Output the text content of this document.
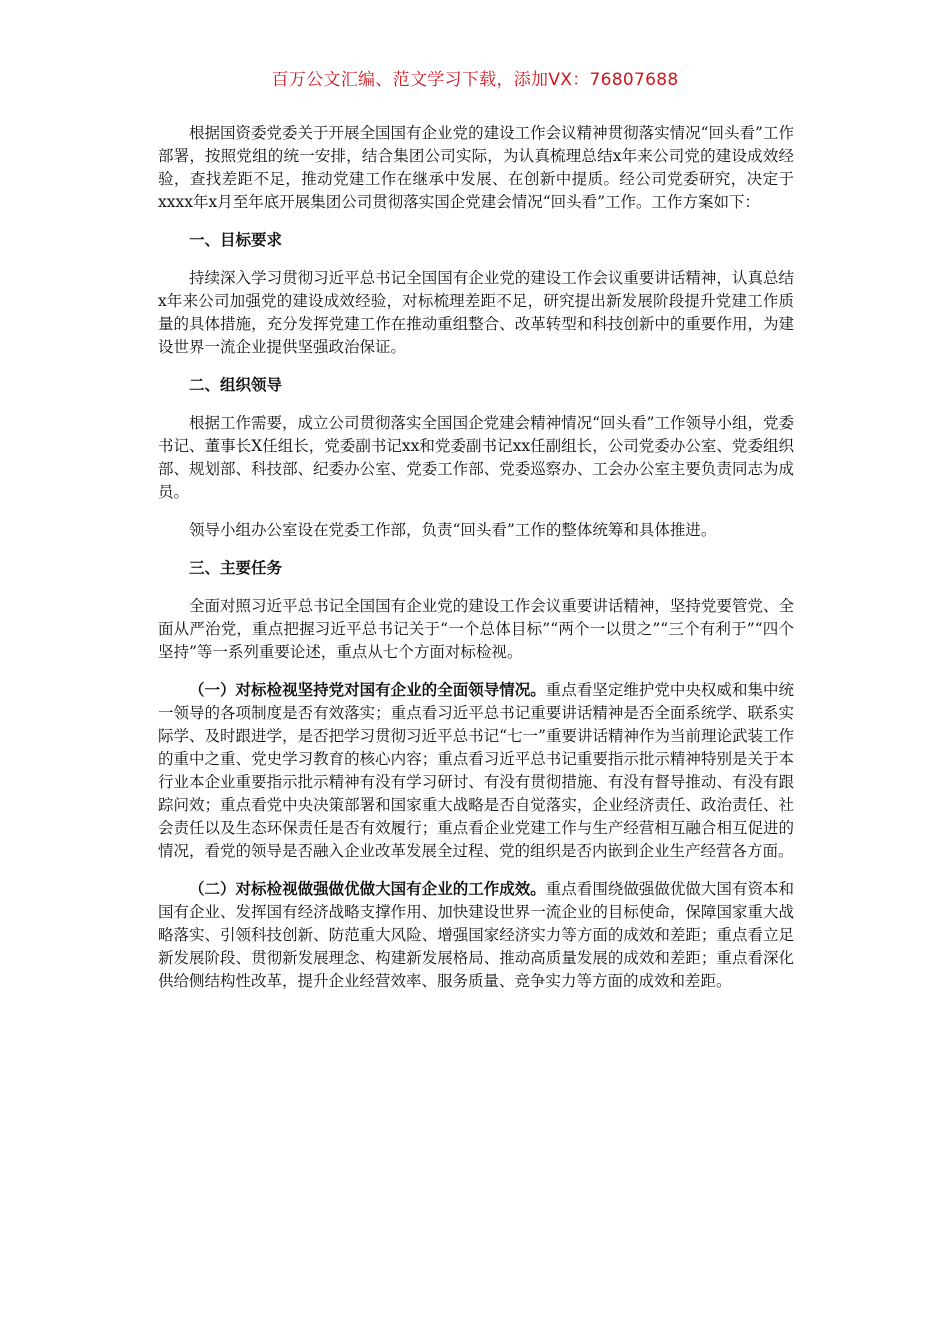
百万公文汇编、范文学习下载，添加VX：76807688

根据国资委党委关于开展全国国有企业党的建设工作会议精神贯彻落实情况“回头看”工作部署，按照党组的统一安排，结合集团公司实际，为认真梳理总结x年来公司党的建设成效经验，查找差距不足，推动党建工作在继承中发展、在创新中提质。经公司党委研究，决定于xxxx年x月至年底开展集团公司贯彻落实国企党建会情况“回头看”工作。工作方案如下：

一、目标要求

持续深入学习贯彻习近平总书记全国国有企业党的建设工作会议重要讲话精神，认真总结x年来公司加强党的建设成效经验，对标梳理差距不足，研究提出新发展阶段提升党建工作质量的具体措施，充分发挥党建工作在推动重组整合、改革转型和科技创新中的重要作用，为建设世界一流企业提供坚强政治保证。

二、组织领导

根据工作需要，成立公司贯彻落实全国国企党建会精神情况“回头看”工作领导小组，党委书记、董事长X任组长，党委副书记xx和党委副书记xx任副组长，公司党委办公室、党委组织部、规划部、科技部、纪委办公室、党委工作部、党委巡察办、工会办公室主要负责同志为成员。

领导小组办公室设在党委工作部，负责“回头看”工作的整体统筹和具体推进。

三、主要任务

全面对照习近平总书记全国国有企业党的建设工作会议重要讲话精神，坚持党要管党、全面从严治党，重点把握习近平总书记关于“一个总体目标”“两个一以贯之”“三个有利于”“四个坚持”等一系列重要论述，重点从七个方面对标检视。

（一）对标检视坚持党对国有企业的全面领导情况。重点看坚定维护党中央权威和集中统一领导的各项制度是否有效落实；重点看习近平总书记重要讲话精神是否全面系统学、联系实际学、及时跟进学，是否把学习贯彻习近平总书记“七一”重要讲话精神作为当前理论武装工作的重中之重、党史学习教育的核心内容；重点看习近平总书记重要指示批示精神特别是关于本行业本企业重要指示批示精神有没有学习研讨、有没有贯彻措施、有没有督导推动、有没有跟踪问效；重点看党中央决策部署和国家重大战略是否自觉落实，企业经济责任、政治责任、社会责任以及生态环保责任是否有效履行；重点看企业党建工作与生产经营相互融合相互促进的情况，看党的领导是否融入企业改革发展全过程、党的组织是否内嵌到企业生产经营各方面。

（二）对标检视做强做优做大国有企业的工作成效。重点看围绕做强做优做大国有资本和国有企业、发挥国有经济战略支撑作用、加快建设世界一流企业的目标使命，保障国家重大战略落实、引领科技创新、防范重大风险、增强国家经济实力等方面的成效和差距；重点看立足新发展阶段、贯彻新发展理念、构建新发展格局、推动高质量发展的成效和差距；重点看深化供给侧结构性改革，提升企业经营效率、服务质量、竞争实力等方面的成效和差距。
